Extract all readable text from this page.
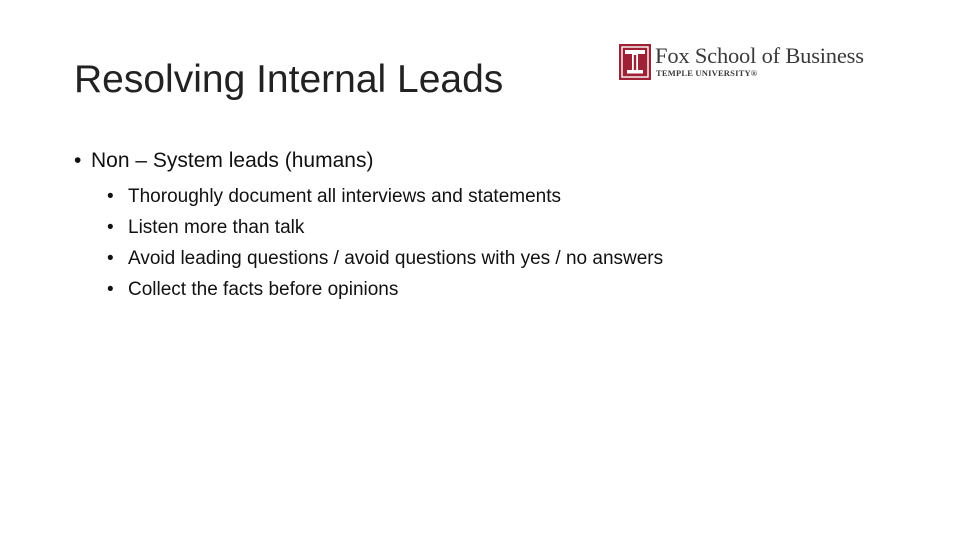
Resolving Internal Leads
Fox School of Business
TEMPLE UNIVERSITY®
• Non – System leads (humans)
• Thoroughly document all interviews and statements
• Listen more than talk
• Avoid leading questions / avoid questions with yes / no answers
• Collect the facts before opinions
